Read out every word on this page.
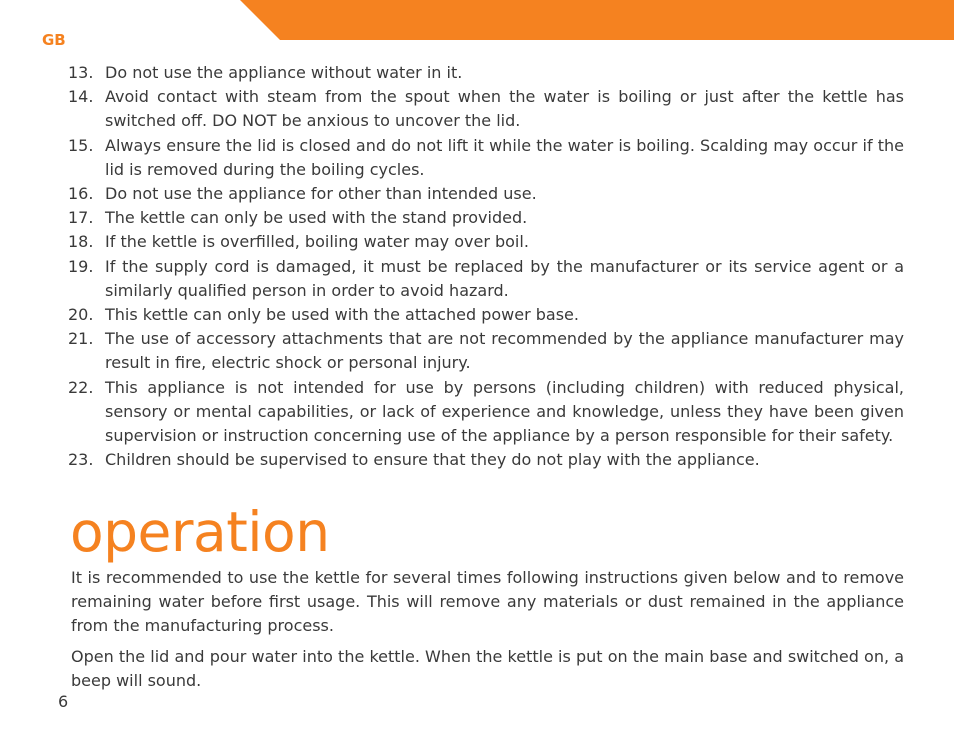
GB
13. Do not use the appliance without water in it.
14. Avoid contact with steam from the spout when the water is boiling or just after the kettle has switched off. DO NOT be anxious to uncover the lid.
15. Always ensure the lid is closed and do not lift it while the water is boiling. Scalding may occur if the lid is removed during the boiling cycles.
16. Do not use the appliance for other than intended use.
17. The kettle can only be used with the stand provided.
18. If the kettle is overfilled, boiling water may over boil.
19. If the supply cord is damaged, it must be replaced by the manufacturer or its service agent or a similarly qualified person in order to avoid hazard.
20. This kettle can only be used with the attached power base.
21. The use of accessory attachments that are not recommended by the appliance manufacturer may result in fire, electric shock or personal injury.
22. This appliance is not intended for use by persons (including children) with reduced physical, sensory or mental capabilities, or lack of experience and knowledge, unless they have been given supervision or instruction concerning use of the appliance by a person responsible for their safety.
23. Children should be supervised to ensure that they do not play with the appliance.
operation

It is recommended to use the kettle for several times following instructions given below and to remove remaining water before first usage. This will remove any materials or dust remained in the appliance from the manufacturing process.

Open the lid and pour water into the kettle. When the kettle is put on the main base and switched on, a beep will sound.

6
